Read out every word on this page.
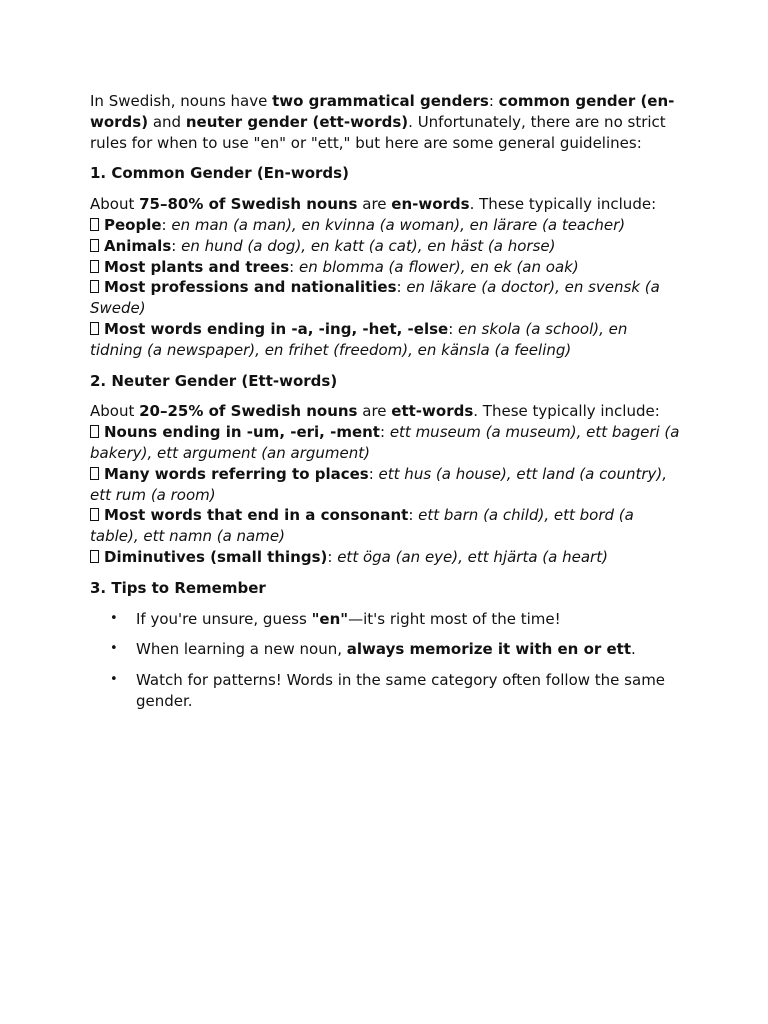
In Swedish, nouns have two grammatical genders: common gender (en-words) and neuter gender (ett-words). Unfortunately, there are no strict rules for when to use "en" or "ett," but here are some general guidelines:

1. Common Gender (En-words)

About 75–80% of Swedish nouns are en-words. These typically include:
People: en man (a man), en kvinna (a woman), en lärare (a teacher)
Animals: en hund (a dog), en katt (a cat), en häst (a horse)
Most plants and trees: en blomma (a flower), en ek (an oak)
Most professions and nationalities: en läkare (a doctor), en svensk (a Swede)
Most words ending in -a, -ing, -het, -else: en skola (a school), en tidning (a newspaper), en frihet (freedom), en känsla (a feeling)

2. Neuter Gender (Ett-words)

About 20–25% of Swedish nouns are ett-words. These typically include:
Nouns ending in -um, -eri, -ment: ett museum (a museum), ett bageri (a bakery), ett argument (an argument)
Many words referring to places: ett hus (a house), ett land (a country), ett rum (a room)
Most words that end in a consonant: ett barn (a child), ett bord (a table), ett namn (a name)
Diminutives (small things): ett öga (an eye), ett hjärta (a heart)

3. Tips to Remember

• If you're unsure, guess "en"—it's right most of the time!
• When learning a new noun, always memorize it with en or ett.
• Watch for patterns! Words in the same category often follow the same gender.
